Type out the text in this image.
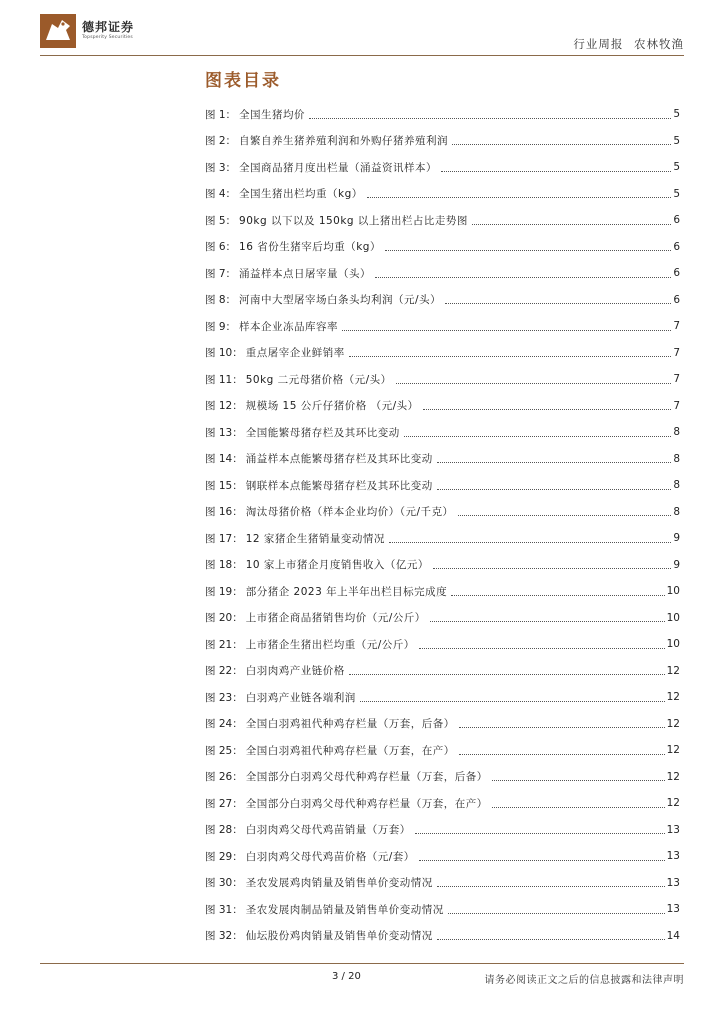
德邦证券
Topsperity Securities	行业周报 农林牧渔
图表目录
图 1： 全国生猪均价	5
图 2： 自繁自养生猪养殖利润和外购仔猪养殖利润	5
图 3： 全国商品猪月度出栏量（涌益资讯样本）	5
图 4： 全国生猪出栏均重（kg）	5
图 5： 90kg 以下以及 150kg 以上猪出栏占比走势图	6
图 6： 16 省份生猪宰后均重（kg）	6
图 7： 涌益样本点日屠宰量（头）	6
图 8： 河南中大型屠宰场白条头均利润（元/头）	6
图 9： 样本企业冻品库容率	7
图 10： 重点屠宰企业鲜销率	7
图 11： 50kg 二元母猪价格（元/头）	7
图 12： 规模场 15 公斤仔猪价格 （元/头）	7
图 13： 全国能繁母猪存栏及其环比变动	8
图 14： 涌益样本点能繁母猪存栏及其环比变动	8
图 15： 钢联样本点能繁母猪存栏及其环比变动	8
图 16： 淘汰母猪价格（样本企业均价）（元/千克）	8
图 17： 12 家猪企生猪销量变动情况	9
图 18： 10 家上市猪企月度销售收入（亿元）	9
图 19： 部分猪企 2023 年上半年出栏目标完成度	10
图 20： 上市猪企商品猪销售均价（元/公斤）	10
图 21： 上市猪企生猪出栏均重（元/公斤）	10
图 22： 白羽肉鸡产业链价格	12
图 23： 白羽鸡产业链各端利润	12
图 24： 全国白羽鸡祖代种鸡存栏量（万套，后备）	12
图 25： 全国白羽鸡祖代种鸡存栏量（万套，在产）	12
图 26： 全国部分白羽鸡父母代种鸡存栏量（万套，后备）	12
图 27： 全国部分白羽鸡父母代种鸡存栏量（万套，在产）	12
图 28： 白羽肉鸡父母代鸡苗销量（万套）	13
图 29： 白羽肉鸡父母代鸡苗价格（元/套）	13
图 30： 圣农发展鸡肉销量及销售单价变动情况	13
图 31： 圣农发展肉制品销量及销售单价变动情况	13
图 32： 仙坛股份鸡肉销量及销售单价变动情况	14
3 / 20	请务必阅读正文之后的信息披露和法律声明
